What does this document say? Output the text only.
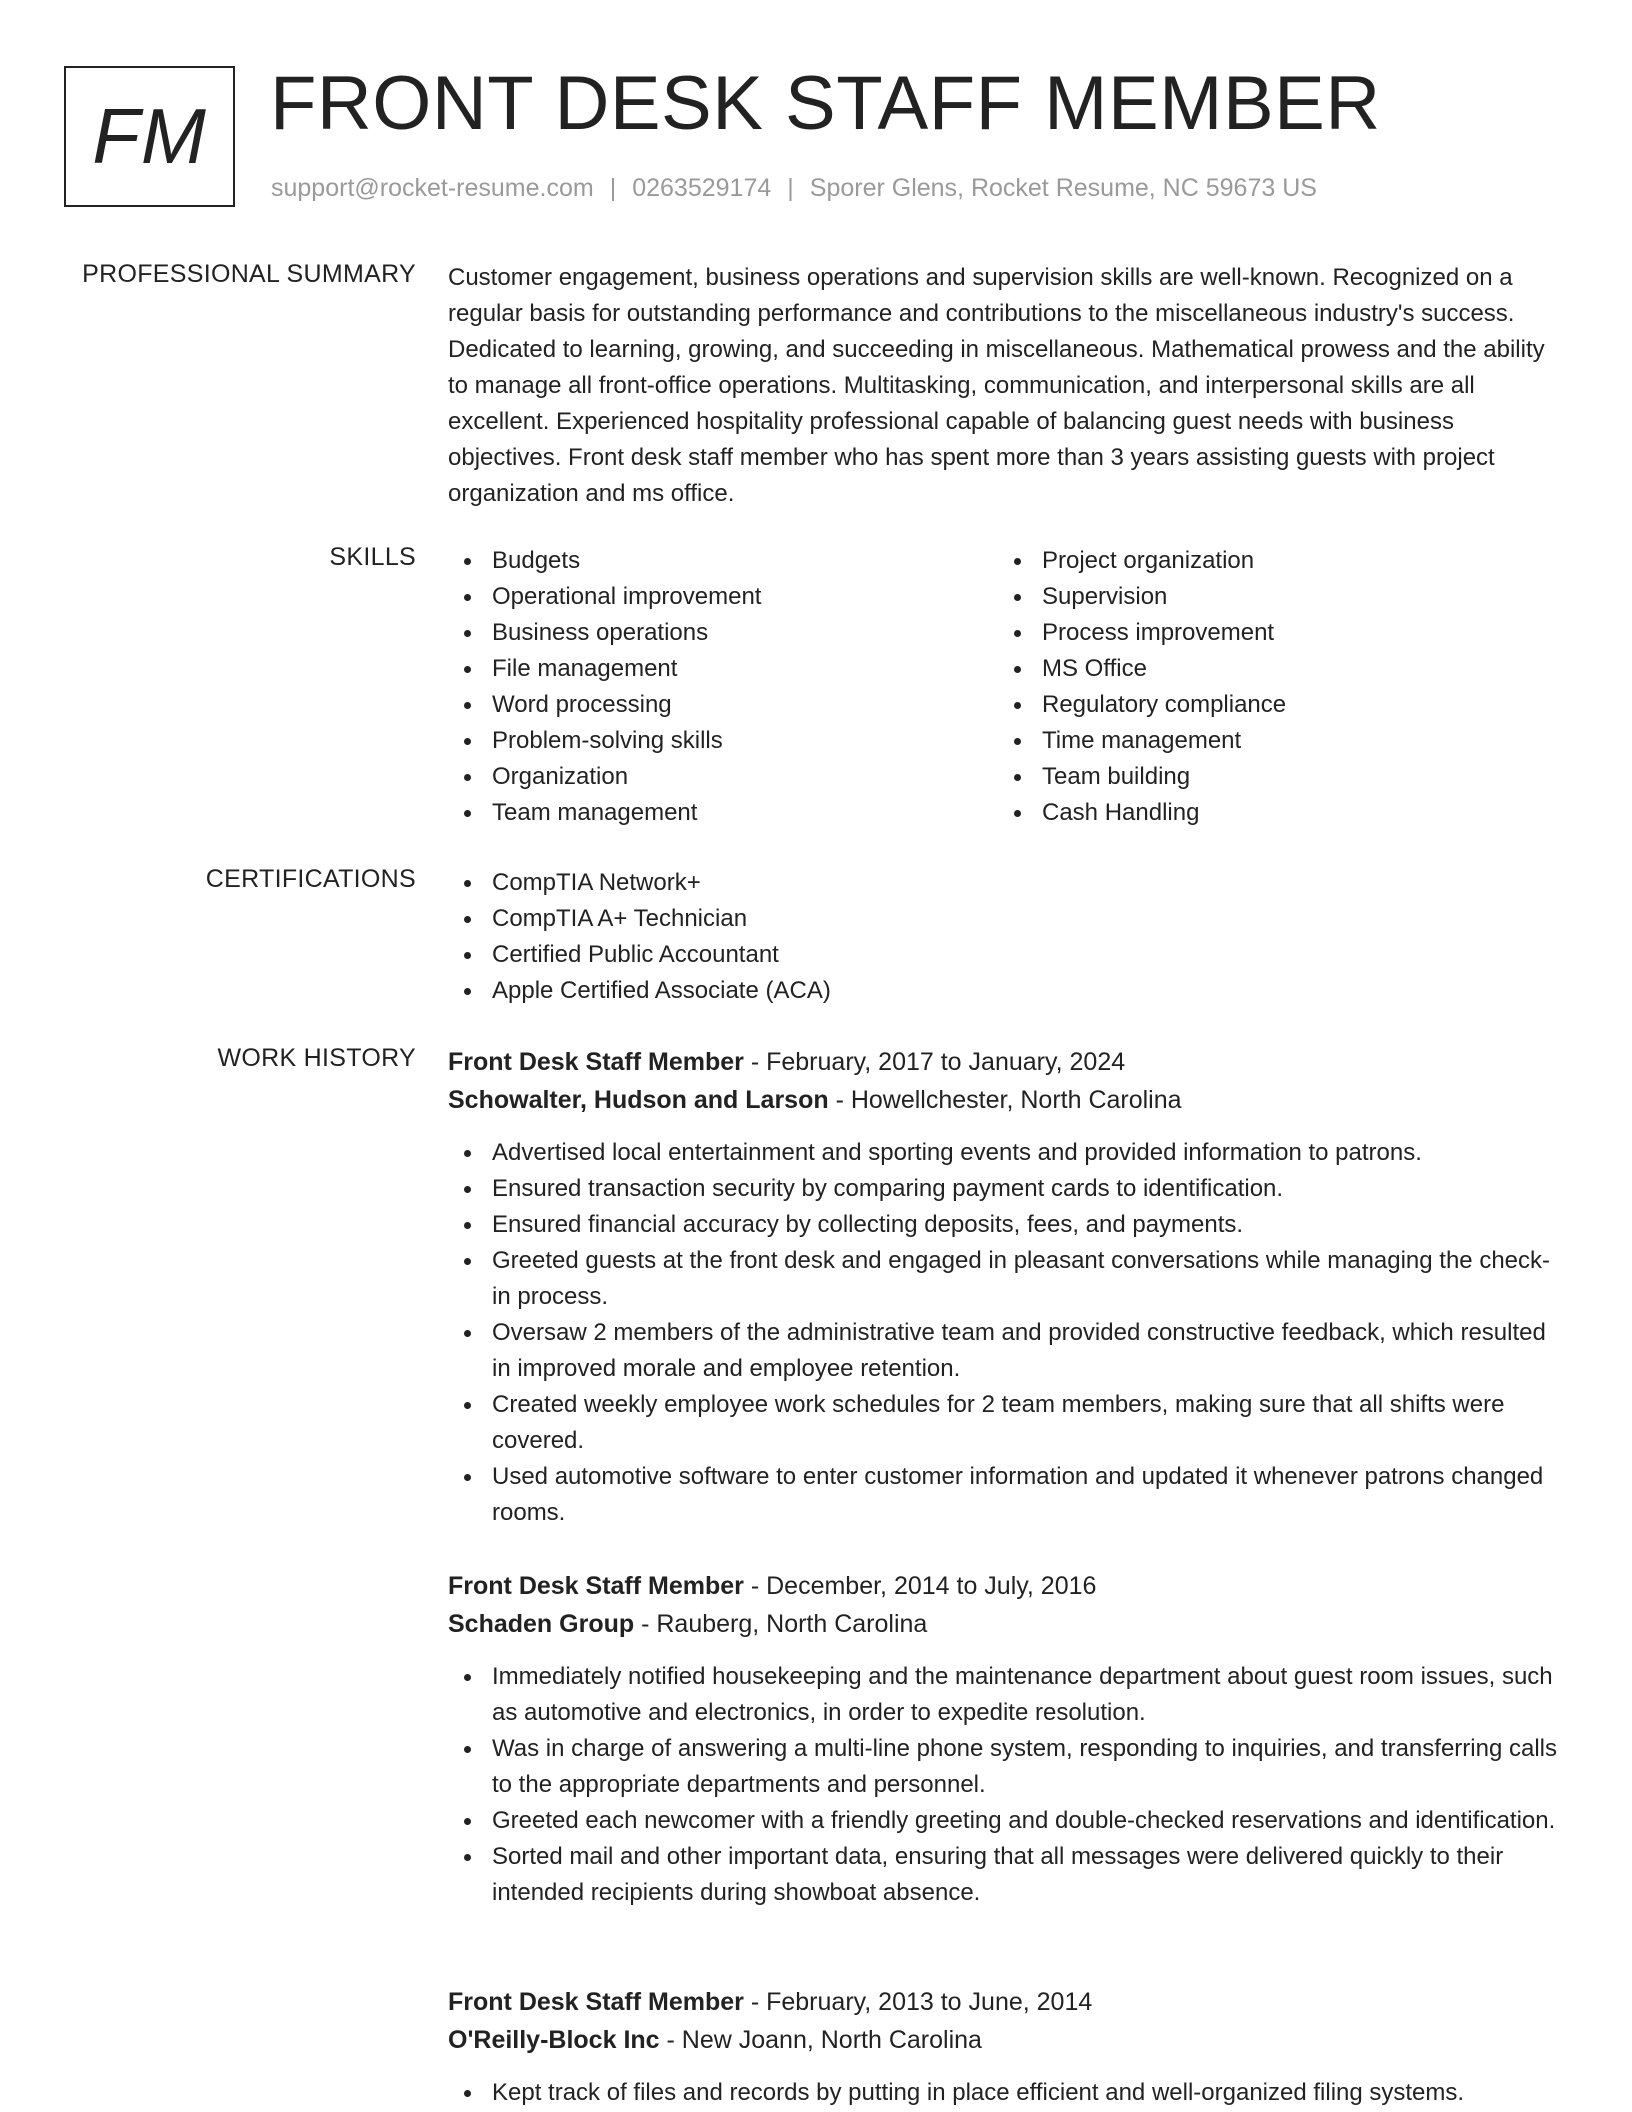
FM FRONT DESK STAFF MEMBER
support@rocket-resume.com | 0263529174 | Sporer Glens, Rocket Resume, NC 59673 US
PROFESSIONAL SUMMARY Customer engagement, business operations and supervision skills are well-known. Recognized on a regular basis for outstanding performance and contributions to the miscellaneous industry's success. Dedicated to learning, growing, and succeeding in miscellaneous. Mathematical prowess and the ability to manage all front-office operations. Multitasking, communication, and interpersonal skills are all excellent. Experienced hospitality professional capable of balancing guest needs with business objectives. Front desk staff member who has spent more than 3 years assisting guests with project organization and ms office.

SKILLS	Budgets
Operational improvement
Business operations
File management
Word processing
Problem-solving skills
Organization
Team management
Project organization
Supervision
Process improvement
MS Office
Regulatory compliance
Time management
Team building
Cash Handling
CERTIFICATIONS	CompTIA Network+
CompTIA A+ Technician
Certified Public Accountant
Apple Certified Associate (ACA)
WORK HISTORY Front Desk Staff Member - February, 2017 to January, 2024
Schowalter, Hudson and Larson - Howellchester, North Carolina
Advertised local entertainment and sporting events and provided information to patrons.
Ensured transaction security by comparing payment cards to identification.
Ensured financial accuracy by collecting deposits, fees, and payments.
Greeted guests at the front desk and engaged in pleasant conversations while managing the check-in process.
Oversaw 2 members of the administrative team and provided constructive feedback, which resulted in improved morale and employee retention.
Created weekly employee work schedules for 2 team members, making sure that all shifts were covered.
Used automotive software to enter customer information and updated it whenever patrons changed rooms.
Front Desk Staff Member - December, 2014 to July, 2016
Schaden Group - Rauberg, North Carolina
Immediately notified housekeeping and the maintenance department about guest room issues, such as automotive and electronics, in order to expedite resolution.
Was in charge of answering a multi-line phone system, responding to inquiries, and transferring calls to the appropriate departments and personnel.
Greeted each newcomer with a friendly greeting and double-checked reservations and identification.
Sorted mail and other important data, ensuring that all messages were delivered quickly to their intended recipients during showboat absence.
Front Desk Staff Member - February, 2013 to June, 2014
O'Reilly-Block Inc - New Joann, North Carolina
Kept track of files and records by putting in place efficient and well-organized filing systems.
